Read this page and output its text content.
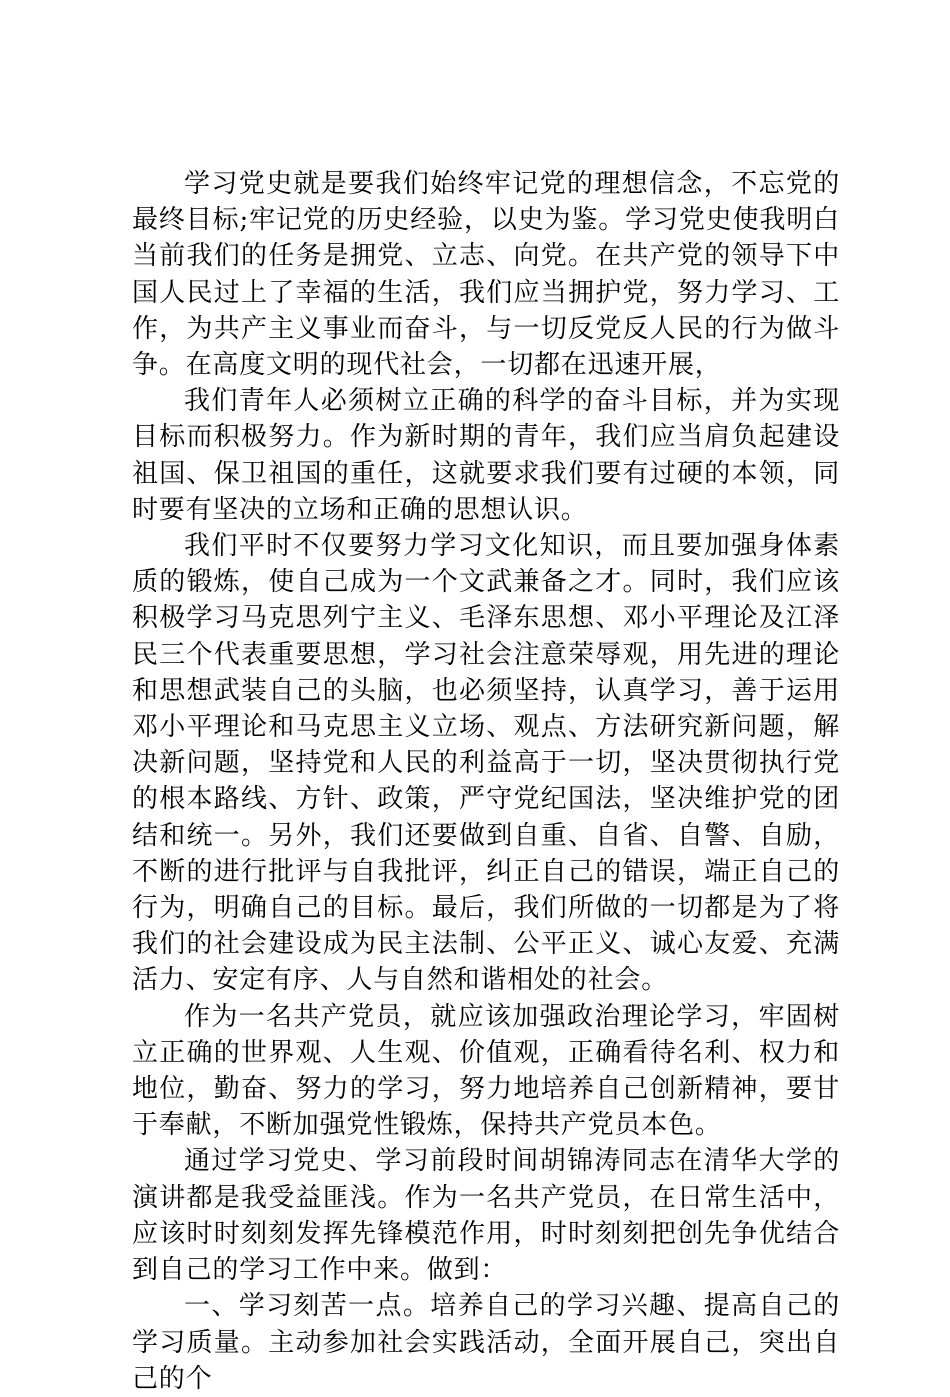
学习党史就是要我们始终牢记党的理想信念，不忘党的最终目标;牢记党的历史经验，以史为鉴。学习党史使我明白当前我们的任务是拥党、立志、向党。在共产党的领导下中国人民过上了幸福的生活，我们应当拥护党，努力学习、工作，为共产主义事业而奋斗，与一切反党反人民的行为做斗争。在高度文明的现代社会，一切都在迅速开展，

我们青年人必须树立正确的科学的奋斗目标，并为实现目标而积极努力。作为新时期的青年，我们应当肩负起建设祖国、保卫祖国的重任，这就要求我们要有过硬的本领，同时要有坚决的立场和正确的思想认识。

我们平时不仅要努力学习文化知识，而且要加强身体素质的锻炼，使自己成为一个文武兼备之才。同时，我们应该积极学习马克思列宁主义、毛泽东思想、邓小平理论及江泽民三个代表重要思想，学习社会注意荣辱观，用先进的理论和思想武装自己的头脑，也必须坚持，认真学习，善于运用邓小平理论和马克思主义立场、观点、方法研究新问题，解决新问题，坚持党和人民的利益高于一切，坚决贯彻执行党的根本路线、方针、政策，严守党纪国法，坚决维护党的团结和统一。另外，我们还要做到自重、自省、自警、自励，不断的进行批评与自我批评，纠正自己的错误，端正自己的行为，明确自己的目标。最后，我们所做的一切都是为了将我们的社会建设成为民主法制、公平正义、诚心友爱、充满活力、安定有序、人与自然和谐相处的社会。

作为一名共产党员，就应该加强政治理论学习，牢固树立正确的世界观、人生观、价值观，正确看待名利、权力和地位，勤奋、努力的学习，努力地培养自己创新精神，要甘于奉献，不断加强党性锻炼，保持共产党员本色。

通过学习党史、学习前段时间胡锦涛同志在清华大学的演讲都是我受益匪浅。作为一名共产党员，在日常生活中，应该时时刻刻发挥先锋模范作用，时时刻刻把创先争优结合到自己的学习工作中来。做到：

一、学习刻苦一点。培养自己的学习兴趣、提高自己的学习质量。主动参加社会实践活动，全面开展自己，突出自己的个
